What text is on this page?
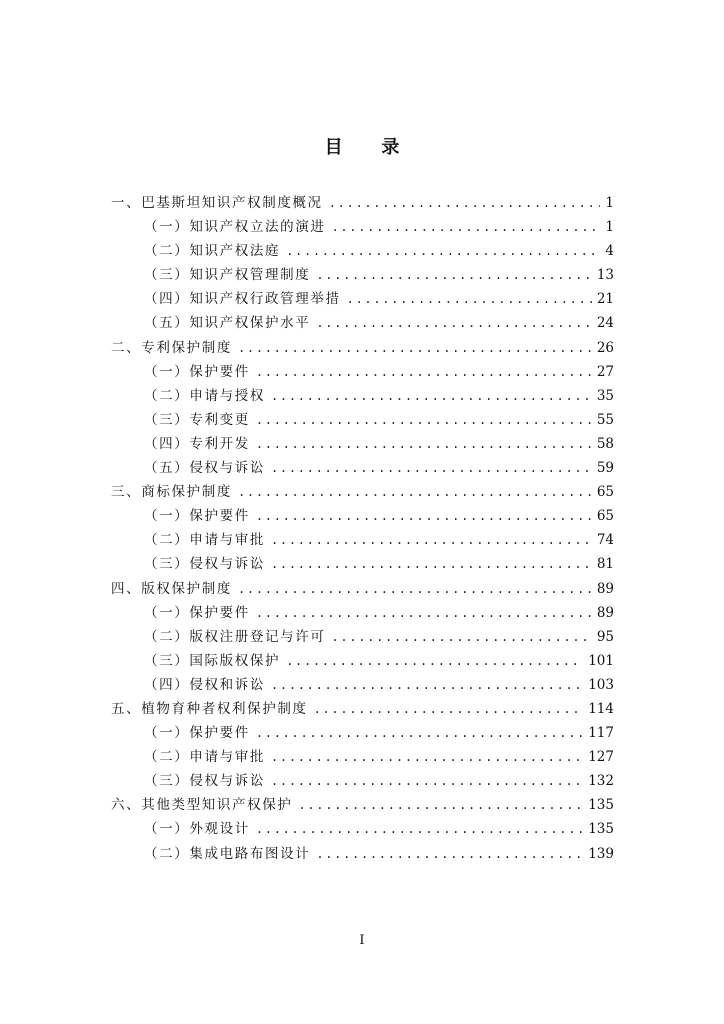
目 录
一、巴基斯坦知识产权制度概况 .....	1
（一）知识产权立法的演进 .....	1
（二）知识产权法庭 .....	4
（三）知识产权管理制度 .....	13
（四）知识产权行政管理举措 .....	21
（五）知识产权保护水平 .....	24
二、专利保护制度 .....	26
（一）保护要件 .....	27
（二）申请与授权 .....	35
（三）专利变更 .....	55
（四）专利开发 .....	58
（五）侵权与诉讼 .....	59
三、商标保护制度 .....	65
（一）保护要件 .....	65
（二）申请与审批 .....	74
（三）侵权与诉讼 .....	81
四、版权保护制度 .....	89
（一）保护要件 .....	89
（二）版权注册登记与许可 .....	95
（三）国际版权保护 .....	101
（四）侵权和诉讼 .....	103
五、植物育种者权利保护制度 .....	114
（一）保护要件 .....	117
（二）申请与审批 .....	127
（三）侵权与诉讼 .....	132
六、其他类型知识产权保护 .....	135
（一）外观设计 .....	135
（二）集成电路布图设计 .....	139
I
